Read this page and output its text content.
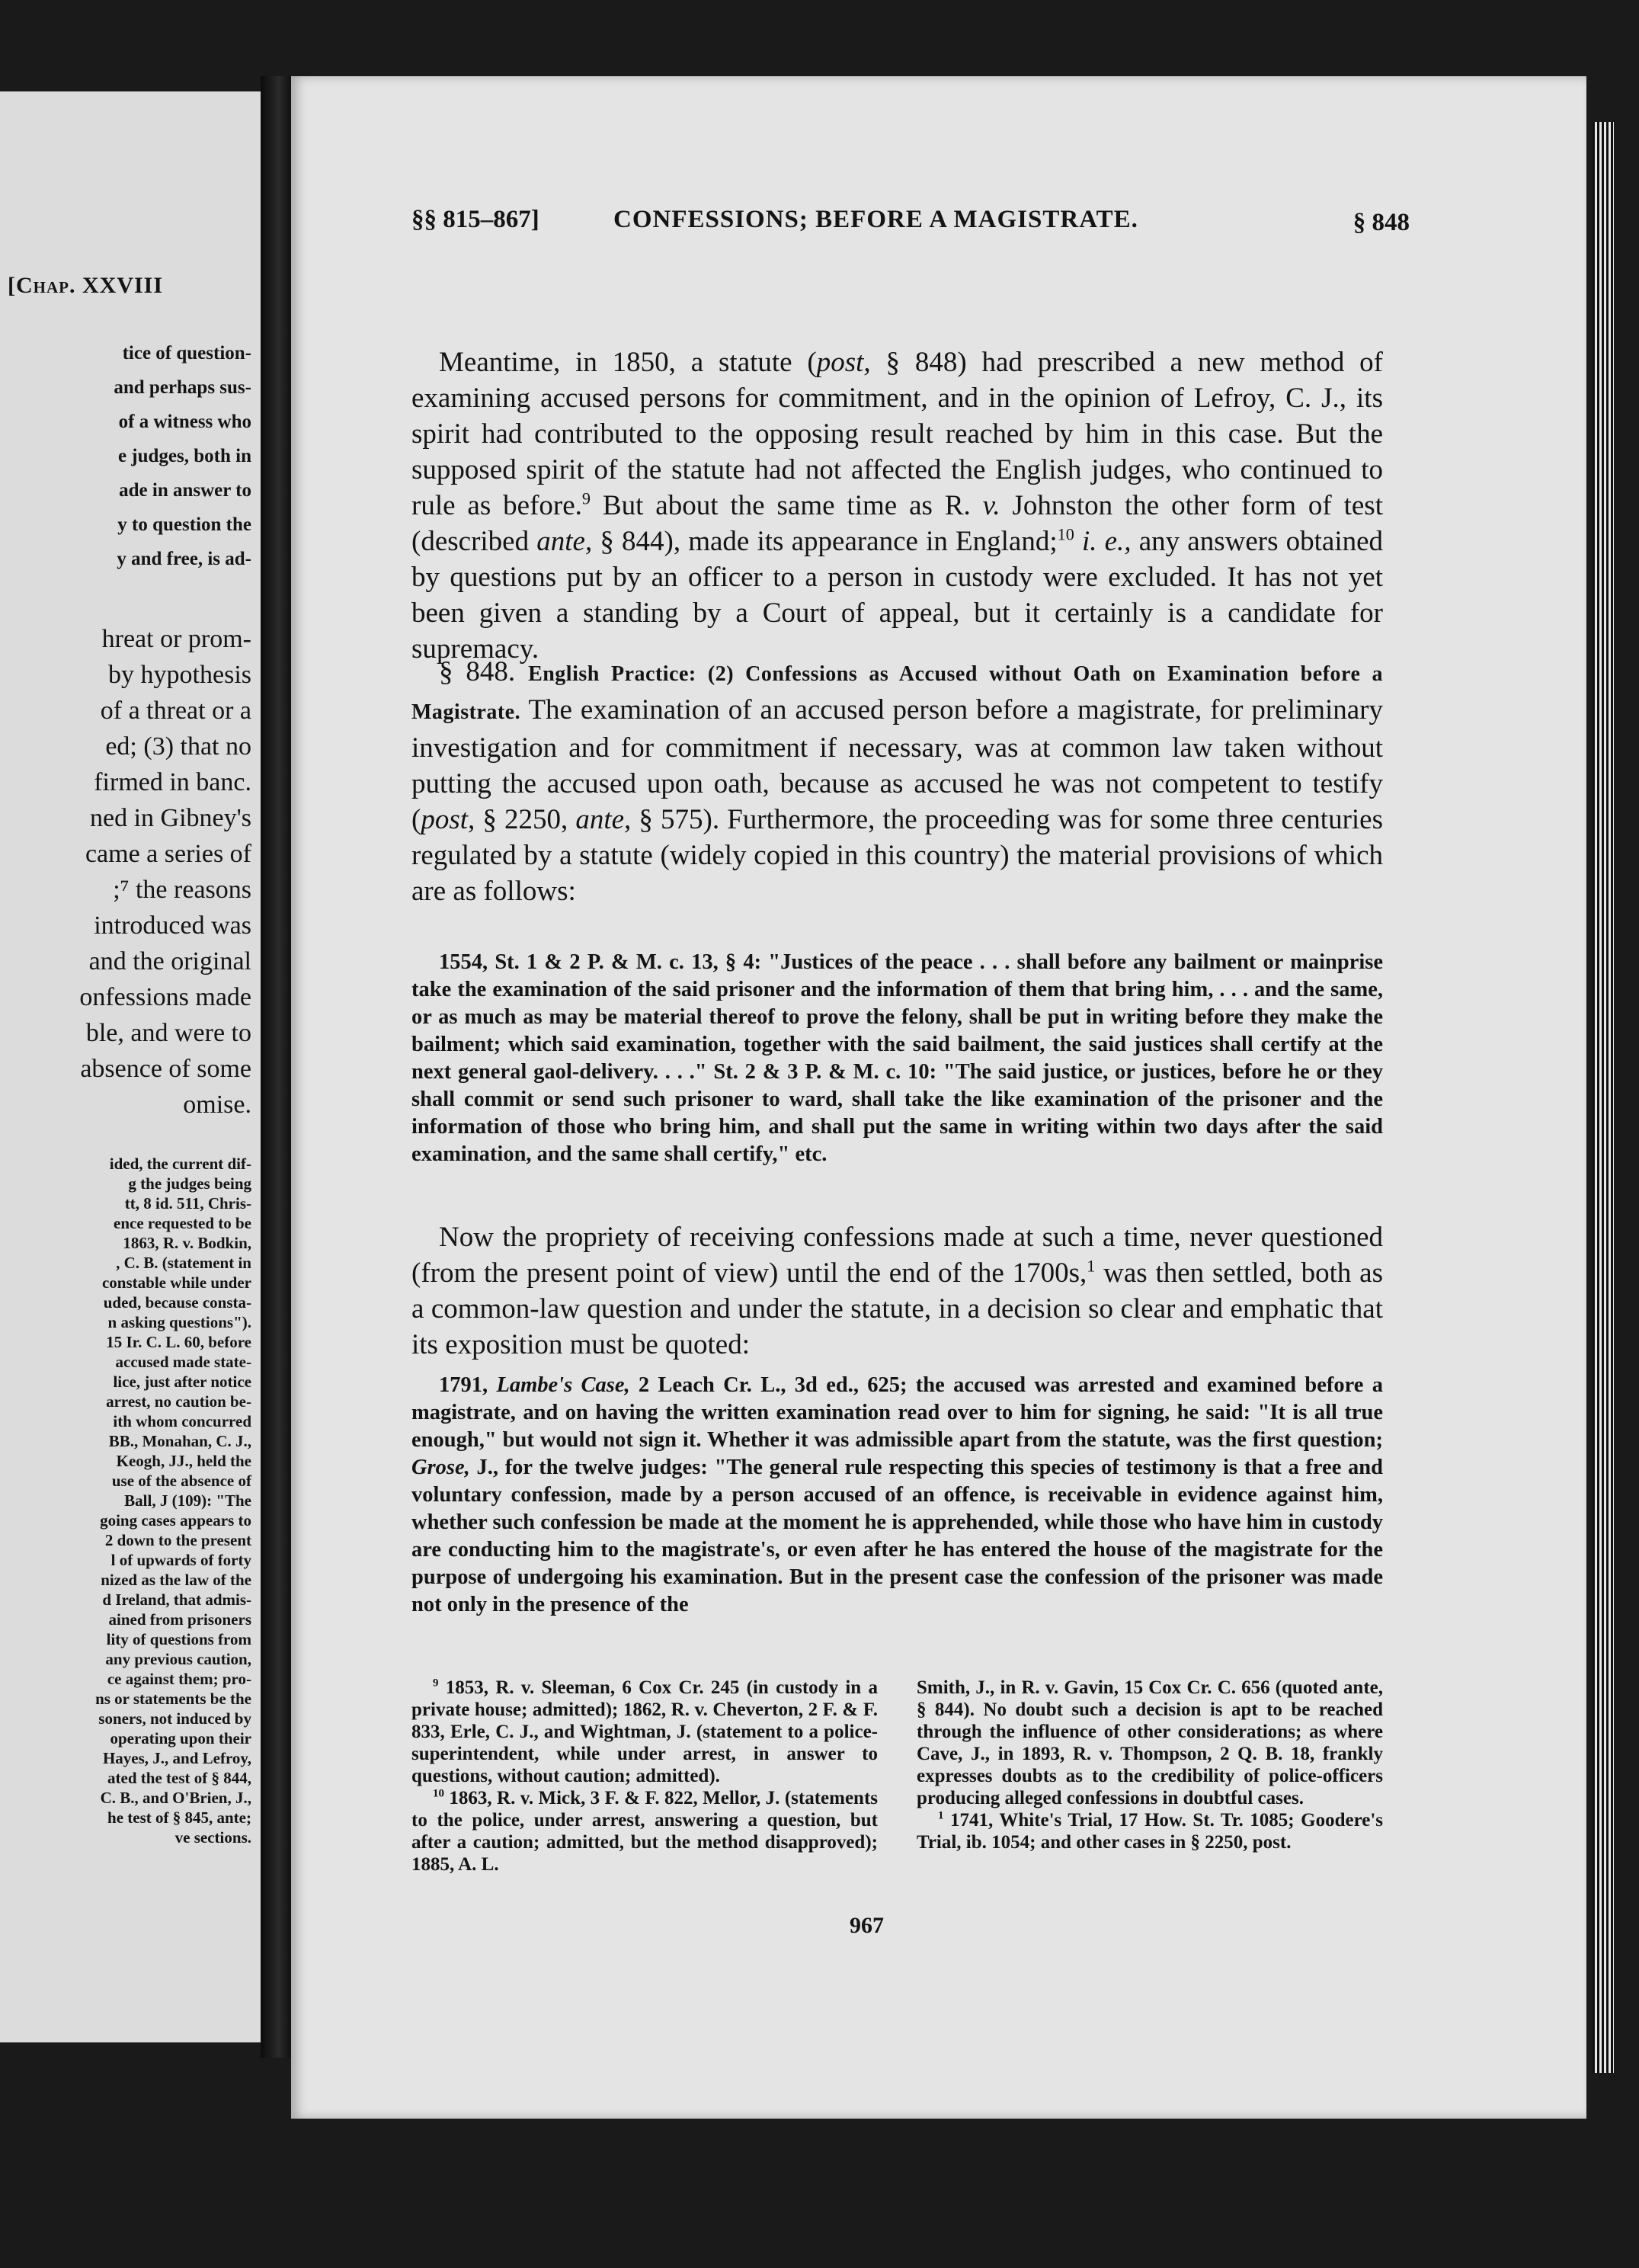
[Chap. XXVIII
tice of question-
and perhaps sus-
of a witness who
e judges, both in
ade in answer to
y to question the
y and free, is ad-
hreat or prom-
by hypothesis
of a threat or a
ed; (3) that no
firmed in banc.
ned in Gibney's
came a series of
;⁷ the reasons
introduced was
and the original
onfessions made
ble, and were to
absence of some
omise.
ided, the current dif-
g the judges being
tt, 8 id. 511, Chris-
ence requested to be
1863, R. v. Bodkin,
, C. B. (statement in
constable while under
uded, because consta-
n asking questions").
15 Ir. C. L. 60, before
accused made state-
lice, just after notice
arrest, no caution be-
ith whom concurred
BB., Monahan, C. J.,
Keogh, JJ., held the
use of the absence of
Ball, J (109): "The
going cases appears to
2 down to the present
l of upwards of forty
nized as the law of the
d Ireland, that admis-
ained from prisoners
lity of questions from
any previous caution,
ce against them; pro-
ns or statements be the
soners, not induced by
operating upon their
Hayes, J., and Lefroy,
ated the test of § 844,
C. B., and O'Brien, J.,
he test of § 845, ante;
ve sections.
§§ 815–867]	CONFESSIONS; BEFORE A MAGISTRATE.	§ 848

Meantime, in 1850, a statute (post, § 848) had prescribed a new method of examining accused persons for commitment, and in the opinion of Lefroy, C. J., its spirit had contributed to the opposing result reached by him in this case. But the supposed spirit of the statute had not affected the English judges, who continued to rule as before.$^9$ But about the same time as R. v. Johnston the other form of test (described ante, § 844), made its appearance in England;$^{10}$ i. e., any answers obtained by questions put by an officer to a person in custody were excluded. It has not yet been given a standing by a Court of appeal, but it certainly is a candidate for supremacy.

§ 848. English Practice: (2) Confessions as Accused without Oath on Examination before a Magistrate. The examination of an accused person before a magistrate, for preliminary investigation and for commitment if necessary, was at common law taken without putting the accused upon oath, because as accused he was not competent to testify (post, § 2250, ante, § 575). Furthermore, the proceeding was for some three centuries regulated by a statute (widely copied in this country) the material provisions of which are as follows:

1554, St. 1 & 2 P. & M. c. 13, § 4: "Justices of the peace . . . shall before any bailment or mainprise take the examination of the said prisoner and the information of them that bring him, . . . and the same, or as much as may be material thereof to prove the felony, shall be put in writing before they make the bailment; which said examination, together with the said bailment, the said justices shall certify at the next general gaol-delivery. . . ." St. 2 & 3 P. & M. c. 10: "The said justice, or justices, before he or they shall commit or send such prisoner to ward, shall take the like examination of the prisoner and the information of those who bring him, and shall put the same in writing within two days after the said examination, and the same shall certify," etc.

Now the propriety of receiving confessions made at such a time, never questioned (from the present point of view) until the end of the 1700s,$^1$ was then settled, both as a common-law question and under the statute, in a decision so clear and emphatic that its exposition must be quoted:

1791, Lambe's Case, 2 Leach Cr. L., 3d ed., 625; the accused was arrested and examined before a magistrate, and on having the written examination read over to him for signing, he said: "It is all true enough," but would not sign it. Whether it was admissible apart from the statute, was the first question; Grose, J., for the twelve judges: "The general rule respecting this species of testimony is that a free and voluntary confession, made by a person accused of an offence, is receivable in evidence against him, whether such confession be made at the moment he is apprehended, while those who have him in custody are conducting him to the magistrate's, or even after he has entered the house of the magistrate for the purpose of undergoing his examination. But in the present case the confession of the prisoner was made not only in the presence of the

$^9$ 1853, R. v. Sleeman, 6 Cox Cr. 245 (in custody in a private house; admitted); 1862, R. v. Cheverton, 2 F. & F. 833, Erle, C. J., and Wightman, J. (statement to a police-superintendent, while under arrest, in answer to questions, without caution; admitted).

$^{10}$ 1863, R. v. Mick, 3 F. & F. 822, Mellor, J. (statements to the police, under arrest, answering a question, but after a caution; admitted, but the method disapproved); 1885, A. L.

Smith, J., in R. v. Gavin, 15 Cox Cr. C. 656 (quoted ante, § 844). No doubt such a decision is apt to be reached through the influence of other considerations; as where Cave, J., in 1893, R. v. Thompson, 2 Q. B. 18, frankly expresses doubts as to the credibility of police-officers producing alleged confessions in doubtful cases.

$^1$ 1741, White's Trial, 17 How. St. Tr. 1085; Goodere's Trial, ib. 1054; and other cases in § 2250, post.

967
